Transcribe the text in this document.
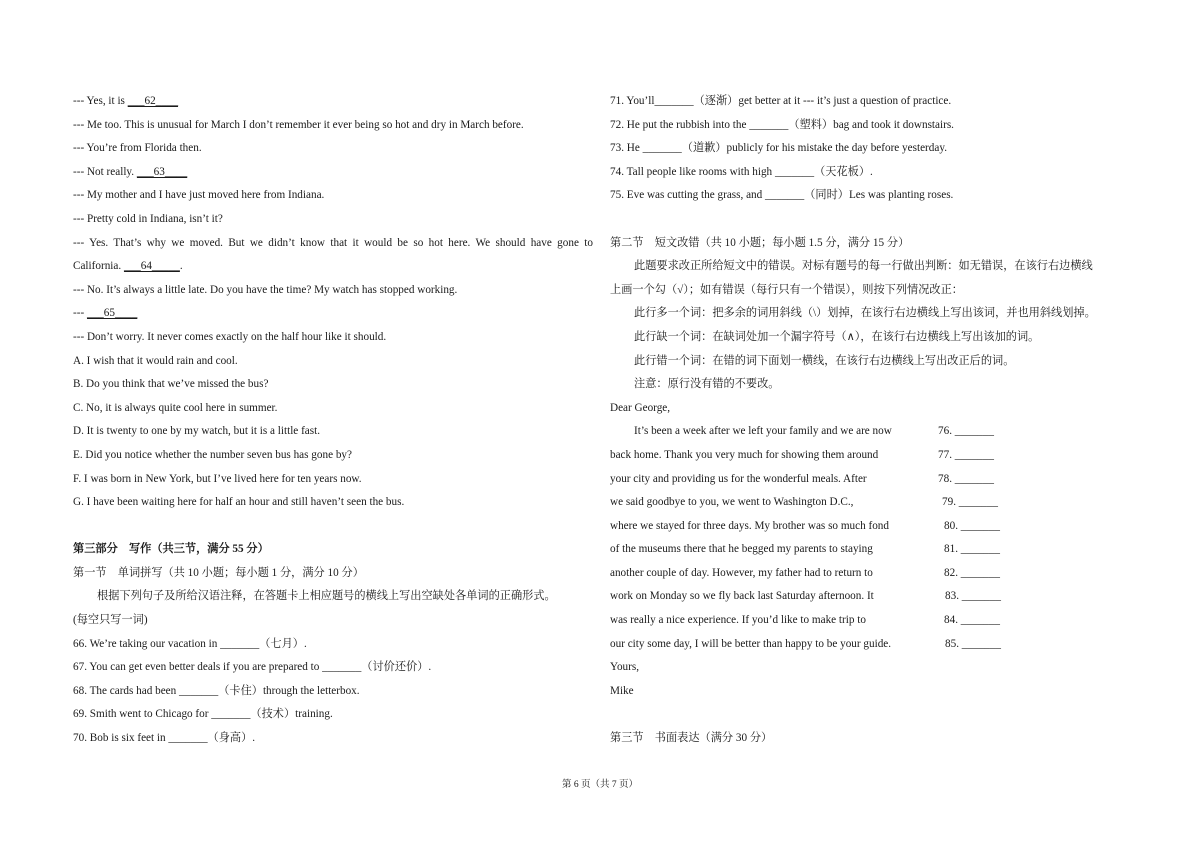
--- Yes, it is ___62____
--- Me too. This is unusual for March I don’t remember it ever being so hot and dry in March before.
--- You’re from Florida then.
--- Not really. ___63____
--- My mother and I have just moved here from Indiana.
--- Pretty cold in Indiana, isn’t it?
--- Yes. That’s why we moved. But we didn’t know that it would be so hot here. We should have gone to
California. ___64_____.
--- No. It’s always a little late. Do you have the time? My watch has stopped working.
--- ___65____
--- Don’t worry. It never comes exactly on the half hour like it should.
A. I wish that it would rain and cool.
B. Do you think that we’ve missed the bus?
C. No, it is always quite cool here in summer.
D. It is twenty to one by my watch, but it is a little fast.
E. Did you notice whether the number seven bus has gone by?
F. I was born in New York, but I’ve lived here for ten years now.
G. I have been waiting here for half an hour and still haven’t seen the bus.
第三部分　写作（共三节，满分 55 分）
第一节　单词拼写（共 10 小题；每小题 1 分，满分 10 分）
根据下列句子及所给汉语注释，在答题卡上相应题号的横线上写出空缺处各单词的正确形式。
(每空只写一词)
66. We’re taking our vacation in _______（七月）.
67. You can get even better deals if you are prepared to _______（讨价还价）.
68. The cards had been _______（卡住）through the letterbox.
69. Smith went to Chicago for _______（技术）training.
70. Bob is six feet in _______（身高）.
71. You’ll_______（逐渐）get better at it --- it’s just a question of practice.
72. He put the rubbish into the _______（塑料）bag and took it downstairs.
73. He _______（道歉）publicly for his mistake the day before yesterday.
74. Tall people like rooms with high _______（天花板）.
75. Eve was cutting the grass, and _______（同时）Les was planting roses.
第二节　短文改错（共 10 小题；每小题 1.5 分，满分 15 分）
此题要求改正所给短文中的错误。对标有题号的每一行做出判断：如无错误，在该行右边横线
上画一个勾（√）；如有错误（每行只有一个错误），则按下列情况改正：
此行多一个词：把多余的词用斜线（\）划掉，在该行右边横线上写出该词，并也用斜线划掉。
此行缺一个词：在缺词处加一个漏字符号（∧），在该行右边横线上写出该加的词。
此行错一个词：在错的词下面划一横线，在该行右边横线上写出改正后的词。
注意：原行没有错的不要改。
Dear George,
It’s been a week after we left your family and we are now	76. _______
back home. Thank you very much for showing them around	77. _______
your city and providing us for the wonderful meals. After	78. _______
we said goodbye to you, we went to Washington D.C.,	79. _______
where we stayed for three days. My brother was so much fond	80. _______
of the museums there that he begged my parents to staying	81. _______
another couple of day. However, my father had to return to	82. _______
work on Monday so we fly back last Saturday afternoon. It	83. _______
was really a nice experience. If you’d like to make trip to	84. _______
our city some day, I will be better than happy to be your guide.	85. _______
Yours,
Mike
第三节　书面表达（满分 30 分）
第 6 页（共 7 页）
